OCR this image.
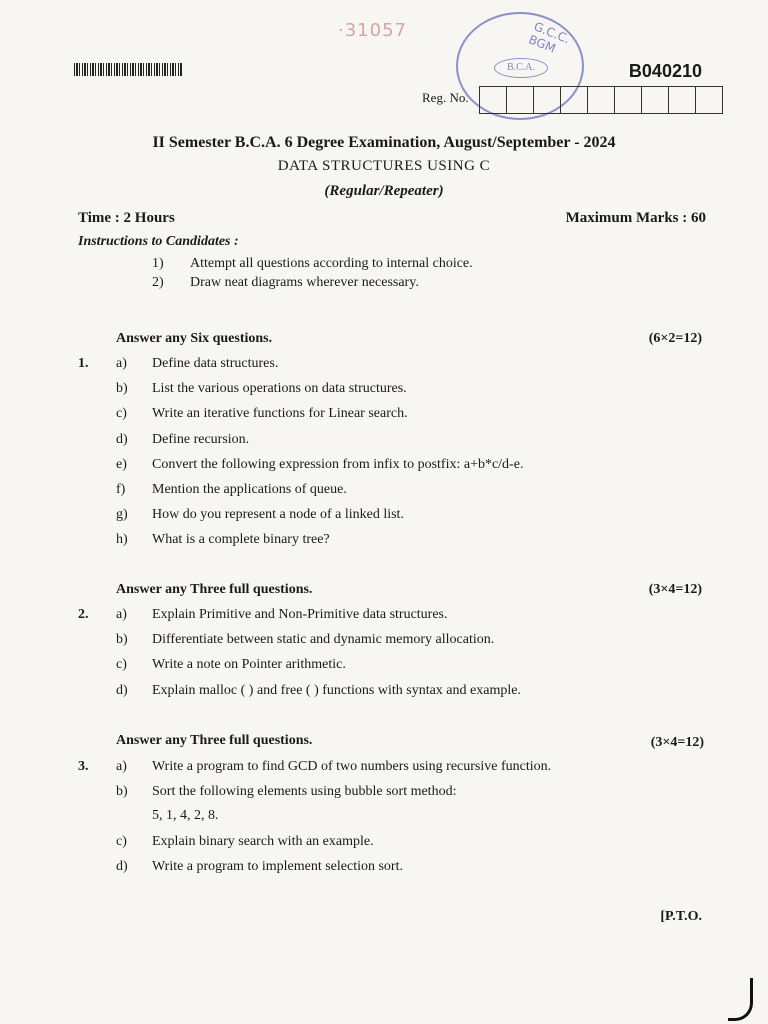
·31057	G.C.C. BGM
B.C.A.	B040210
Reg. No.
II Semester B.C.A. 6 Degree Examination, August/September - 2024
DATA STRUCTURES USING C
(Regular/Repeater)
Time : 2 Hours	Maximum Marks : 60
Instructions to Candidates :
1) Attempt all questions according to internal choice.
2) Draw neat diagrams wherever necessary.
Answer any Six questions.	(6×2=12)
1. a) Define data structures.
b) List the various operations on data structures.
c) Write an iterative functions for Linear search.
d) Define recursion.
e) Convert the following expression from infix to postfix: a+b*c/d-e.
f) Mention the applications of queue.
g) How do you represent a node of a linked list.
h) What is a complete binary tree?
Answer any Three full questions.	(3×4=12)
2. a) Explain Primitive and Non-Primitive data structures.
b) Differentiate between static and dynamic memory allocation.
c) Write a note on Pointer arithmetic.
d) Explain malloc ( ) and free ( ) functions with syntax and example.
Answer any Three full questions.	(3×4=12)
3. a) Write a program to find GCD of two numbers using recursive function.
b) Sort the following elements using bubble sort method:
5, 1, 4, 2, 8.
c) Explain binary search with an example.
d) Write a program to implement selection sort.
[P.T.O.
